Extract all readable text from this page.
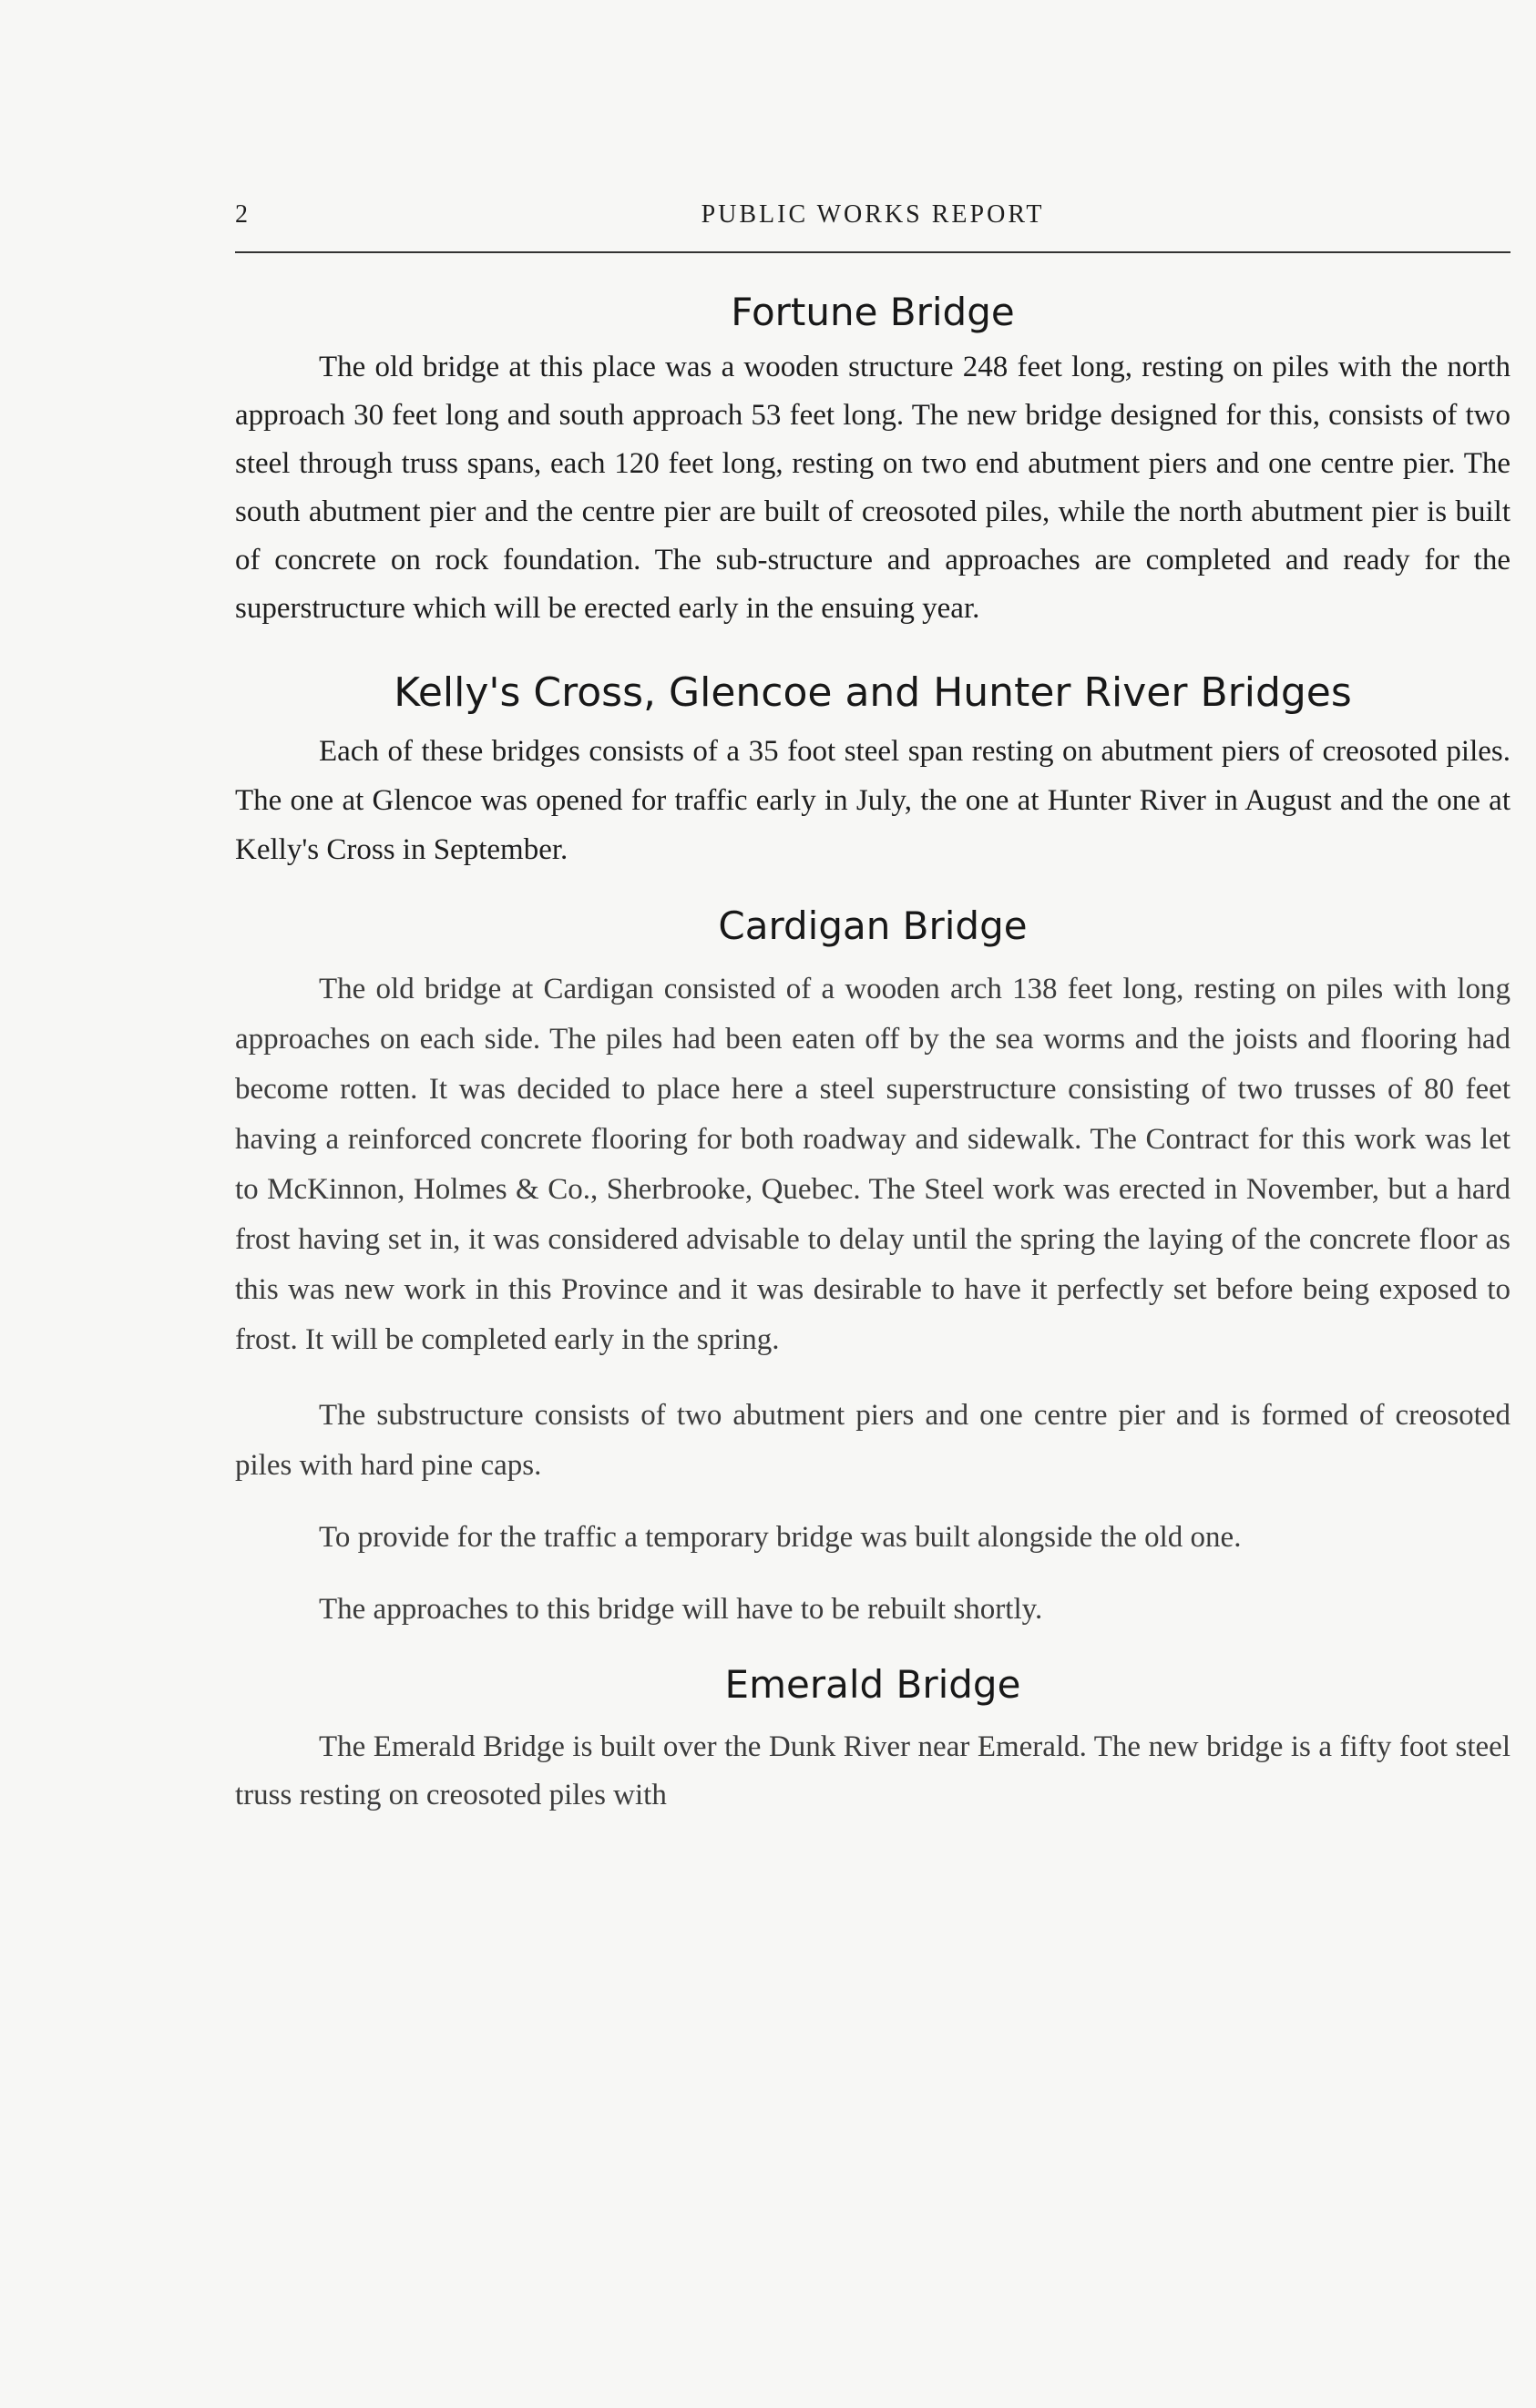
2	PUBLIC WORKS REPORT
Fortune Bridge

The old bridge at this place was a wooden structure 248 feet long, resting on piles with the north approach 30 feet long and south approach 53 feet long. The new bridge designed for this, consists of two steel through truss spans, each 120 feet long, resting on two end abutment piers and one centre pier. The south abutment pier and the centre pier are built of creosoted piles, while the north abutment pier is built of concrete on rock foundation. The sub-structure and approaches are completed and ready for the superstructure which will be erected early in the ensuing year.

Kelly's Cross, Glencoe and Hunter River Bridges

Each of these bridges consists of a 35 foot steel span resting on abutment piers of creosoted piles. The one at Glencoe was opened for traffic early in July, the one at Hunter River in August and the one at Kelly's Cross in September.

Cardigan Bridge

The old bridge at Cardigan consisted of a wooden arch 138 feet long, resting on piles with long approaches on each side. The piles had been eaten off by the sea worms and the joists and flooring had become rotten. It was decided to place here a steel superstructure consisting of two trusses of 80 feet having a reinforced concrete flooring for both roadway and sidewalk. The Contract for this work was let to McKinnon, Holmes & Co., Sherbrooke, Quebec. The Steel work was erected in November, but a hard frost having set in, it was considered advisable to delay until the spring the laying of the concrete floor as this was new work in this Province and it was desirable to have it perfectly set before being exposed to frost. It will be completed early in the spring.

The substructure consists of two abutment piers and one centre pier and is formed of creosoted piles with hard pine caps.

To provide for the traffic a temporary bridge was built alongside the old one.

The approaches to this bridge will have to be rebuilt shortly.

Emerald Bridge

The Emerald Bridge is built over the Dunk River near Emerald. The new bridge is a fifty foot steel truss resting on creosoted piles with
